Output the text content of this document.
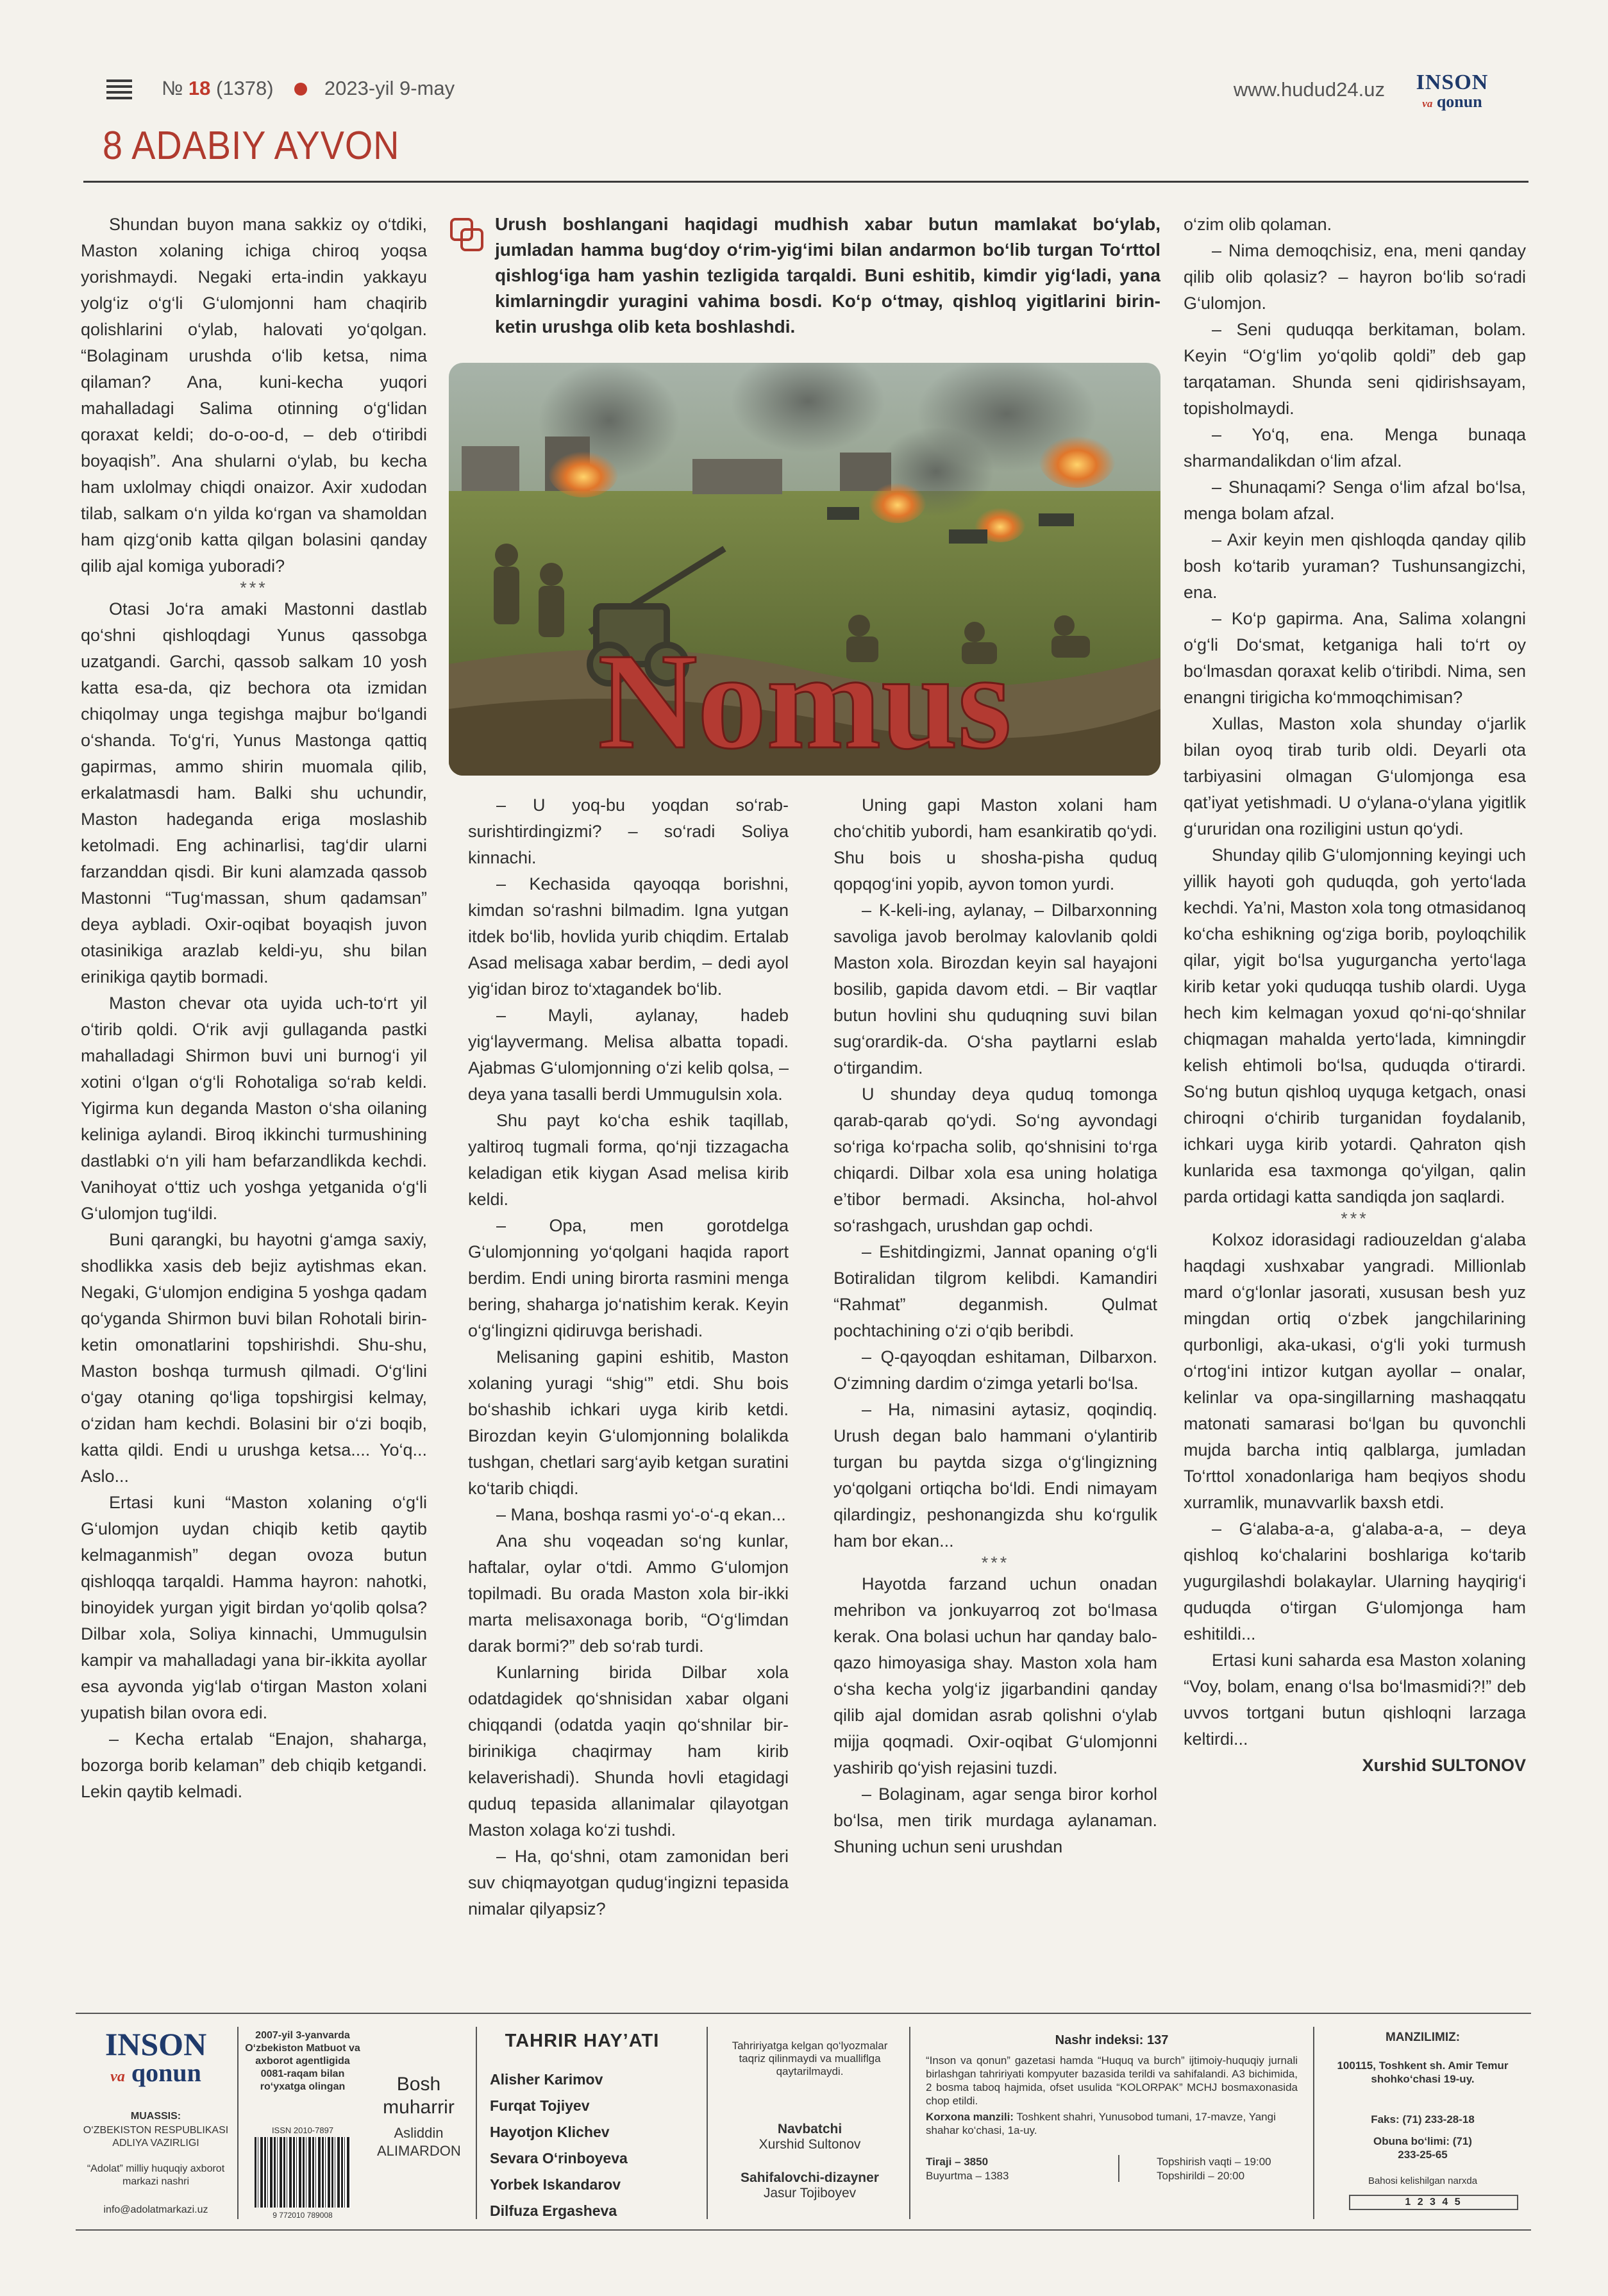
№ 18 (1378)	2023-yil 9-may	www.hudud24.uz INSON
va qonun
8 ADABIY AYVON

Shundan buyon mana sakkiz oy o‘tdiki, Maston xolaning ichiga chiroq yoqsa yorishmaydi. Negaki erta-indin yakkayu yolg‘iz o‘g‘li G‘ulomjonni ham chaqirib qolishlarini o‘ylab, halovati yo‘qolgan. “Bolaginam urushda o‘lib ketsa, nima qilaman? Ana, kuni-kecha yuqori mahalladagi Salima otinning o‘g‘lidan qoraxat keldi; do-o-oo-d, – deb o‘tiribdi boyaqish”. Ana shularni o‘ylab, bu kecha ham uxlolmay chiqdi onaizor. Axir xudodan tilab, salkam o‘n yilda ko‘rgan va shamoldan ham qizg‘onib katta qilgan bolasini qanday qilib ajal komiga yuboradi?

***

Otasi Jo‘ra amaki Mastonni dastlab qo‘shni qishloqdagi Yunus qassobga uzatgandi. Garchi, qassob salkam 10 yosh katta esa-da, qiz bechora ota izmidan chiqolmay unga tegishga majbur bo‘lgandi o‘shanda. To‘g‘ri, Yunus Mastonga qattiq gapirmas, ammo shirin muomala qilib, erkalatmasdi ham. Balki shu uchundir, Maston hadeganda eriga moslashib ketolmadi. Eng achinarlisi, tag‘dir ularni farzanddan qisdi. Bir kuni alamzada qassob Mastonni “Tug‘massan, shum qadamsan” deya aybladi. Oxir-oqibat boyaqish juvon otasinikiga arazlab keldi-yu, shu bilan erinikiga qaytib bormadi.

Maston chevar ota uyida uch-to‘rt yil o‘tirib qoldi. O‘rik avji gullaganda pastki mahalladagi Shirmon buvi uni burnog‘i yil xotini o‘lgan o‘g‘li Rohotaliga so‘rab keldi. Yigirma kun deganda Maston o‘sha oilaning keliniga aylandi. Biroq ikkinchi turmushining dastlabki o‘n yili ham befarzandlikda kechdi. Vanihoyat o‘ttiz uch yoshga yetganida o‘g‘li G‘ulomjon tug‘ildi.

Buni qarangki, bu hayotni g‘amga saxiy, shodlikka xasis deb bejiz aytishmas ekan. Negaki, G‘ulomjon endigina 5 yoshga qadam qo‘yganda Shirmon buvi bilan Rohotali birin-ketin omonatlarini topshirishdi. Shu-shu, Maston boshqa turmush qilmadi. O‘g‘lini o‘gay otaning qo‘liga topshirgisi kelmay, o‘zidan ham kechdi. Bolasini bir o‘zi boqib, katta qildi. Endi u urushga ketsa.... Yo‘q... Aslo...

Ertasi kuni “Maston xolaning o‘g‘li G‘ulomjon uydan chiqib ketib qaytib kelmaganmish” degan ovoza butun qishloqqa tarqaldi. Hamma hayron: nahotki, binoyidek yurgan yigit birdan yo‘qolib qolsa? Dilbar xola, Soliya kinnachi, Ummugulsin kampir va mahalladagi yana bir-ikkita ayollar esa ayvonda yig‘lab o‘tirgan Maston xolani yupatish bilan ovora edi.

– Kecha ertalab “Enajon, shaharga, bozorga borib kelaman” deb chiqib ketgandi. Lekin qaytib kelmadi.

Urush boshlangani haqidagi mudhish xabar butun mamlakat bo‘ylab, jumladan hamma bug‘doy o‘rim-yig‘imi bilan andarmon bo‘lib turgan To‘rttol qishlog‘iga ham yashin tezligida tarqaldi. Buni eshitib, kimdir yig‘ladi, yana kimlarningdir yuragini vahima bosdi. Ko‘p o‘tmay, qishloq yigitlarini birin-ketin urushga olib keta boshlashdi.
Nomus

– U yoq-bu yoqdan so‘rab-surishtirdingizmi? – so‘radi Soliya kinnachi.

– Kechasida qayoqqa borishni, kimdan so‘rashni bilmadim. Igna yutgan itdek bo‘lib, hovlida yurib chiqdim. Ertalab Asad melisaga xabar berdim, – dedi ayol yig‘idan biroz to‘xtagandek bo‘lib.

– Mayli, aylanay, hadeb yig‘layvermang. Melisa albatta topadi. Ajabmas G‘ulomjonning o‘zi kelib qolsa, – deya yana tasalli berdi Ummugulsin xola.

Shu payt ko‘cha eshik taqillab, yaltiroq tugmali forma, qo‘nji tizzagacha keladigan etik kiygan Asad melisa kirib keldi.

– Opa, men gorotdelga G‘ulomjonning yo‘qolgani haqida raport berdim. Endi uning birorta rasmini menga bering, shaharga jo‘natishim kerak. Keyin o‘g‘lingizni qidiruvga berishadi.

Melisaning gapini eshitib, Maston xolaning yuragi “shig‘” etdi. Shu bois bo‘shashib ichkari uyga kirib ketdi. Birozdan keyin G‘ulomjonning bolalikda tushgan, chetlari sarg‘ayib ketgan suratini ko‘tarib chiqdi.

– Mana, boshqa rasmi yo‘-o‘-q ekan...

Ana shu voqeadan so‘ng kunlar, haftalar, oylar o‘tdi. Ammo G‘ulomjon topilmadi. Bu orada Maston xola bir-ikki marta melisaxonaga borib, “O‘g‘limdan darak bormi?” deb so‘rab turdi.

Kunlarning birida Dilbar xola odatdagidek qo‘shnisidan xabar olgani chiqqandi (odatda yaqin qo‘shnilar bir-birinikiga chaqirmay ham kirib kelaverishadi). Shunda hovli etagidagi quduq tepasida allanimalar qilayotgan Maston xolaga ko‘zi tushdi.

– Ha, qo‘shni, otam zamonidan beri suv chiqmayotgan qudug‘ingizni tepasida nimalar qilyapsiz?

Uning gapi Maston xolani ham cho‘chitib yubordi, ham esankiratib qo‘ydi. Shu bois u shosha-pisha quduq qopqog‘ini yopib, ayvon tomon yurdi.

– K-keli-ing, aylanay, – Dilbarxonning savoliga javob berolmay kalovlanib qoldi Maston xola. Birozdan keyin sal hayajoni bosilib, gapida davom etdi. – Bir vaqtlar butun hovlini shu quduqning suvi bilan sug‘orardik-da. O‘sha paytlarni eslab o‘tirgandim.

U shunday deya quduq tomonga qarab-qarab qo‘ydi. So‘ng ayvondagi so‘riga ko‘rpacha solib, qo‘shnisini to‘rga chiqardi. Dilbar xola esa uning holatiga e’tibor bermadi. Aksincha, hol-ahvol so‘rashgach, urushdan gap ochdi.

– Eshitdingizmi, Jannat opaning o‘g‘li Botiralidan tilgrom kelibdi. Kamandiri “Rahmat” deganmish. Qulmat pochtachining o‘zi o‘qib beribdi.

– Q-qayoqdan eshitaman, Dilbarxon. O‘zimning dardim o‘zimga yetarli bo‘lsa.

– Ha, nimasini aytasiz, qoqindiq. Urush degan balo hammani o‘ylantirib turgan bu paytda sizga o‘g‘lingizning yo‘qolgani ortiqcha bo‘ldi. Endi nimayam qilardingiz, peshonangizda shu ko‘rgulik ham bor ekan...

***

Hayotda farzand uchun onadan mehribon va jonkuyarroq zot bo‘lmasa kerak. Ona bolasi uchun har qanday balo-qazo himoyasiga shay. Maston xola ham o‘sha kecha yolg‘iz jigarbandini qanday qilib ajal domidan asrab qolishni o‘ylab mijja qoqmadi. Oxir-oqibat G‘ulomjonni yashirib qo‘yish rejasini tuzdi.

– Bolaginam, agar senga biror korhol bo‘lsa, men tirik murdaga aylanaman. Shuning uchun seni urushdan

o‘zim olib qolaman.

– Nima demoqchisiz, ena, meni qanday qilib olib qolasiz? – hayron bo‘lib so‘radi G‘ulomjon.

– Seni quduqqa berkitaman, bolam. Keyin “O‘g‘lim yo‘qolib qoldi” deb gap tarqataman. Shunda seni qidirishsayam, topisholmaydi.

– Yo‘q, ena. Menga bunaqa sharmandalikdan o‘lim afzal.

– Shunaqami? Senga o‘lim afzal bo‘lsa, menga bolam afzal.

– Axir keyin men qishloqda qanday qilib bosh ko‘tarib yuraman? Tushunsangizchi, ena.

– Ko‘p gapirma. Ana, Salima xolangni o‘g‘li Do‘smat, ketganiga hali to‘rt oy bo‘lmasdan qoraxat kelib o‘tiribdi. Nima, sen enangni tirigicha ko‘mmoqchimisan?

Xullas, Maston xola shunday o‘jarlik bilan oyoq tirab turib oldi. Deyarli ota tarbiyasini olmagan G‘ulomjonga esa qat’iyat yetishmadi. U o‘ylana-o‘ylana yigitlik g‘ururidan ona roziligini ustun qo‘ydi.

Shunday qilib G‘ulomjonning keyingi uch yillik hayoti goh quduqda, goh yerto‘lada kechdi. Ya’ni, Maston xola tong otmasidanoq ko‘cha eshikning og‘ziga borib, poyloqchilik qilar, yigit bo‘lsa yugurgancha yerto‘laga kirib ketar yoki quduqqa tushib olardi. Uyga hech kim kelmagan yoxud qo‘ni-qo‘shnilar chiqmagan mahalda yerto‘lada, kimningdir kelish ehtimoli bo‘lsa, quduqda o‘tirardi. So‘ng butun qishloq uyquga ketgach, onasi chiroqni o‘chirib turganidan foydalanib, ichkari uyga kirib yotardi. Qahraton qish kunlarida esa taxmonga qo‘yilgan, qalin parda ortidagi katta sandiqda jon saqlardi.

***

Kolxoz idorasidagi radiouzeldan g‘alaba haqdagi xushxabar yangradi. Millionlab mard o‘g‘lonlar jasorati, xususan besh yuz mingdan ortiq o‘zbek jangchilarining qurbonligi, aka-ukasi, o‘g‘li yoki turmush o‘rtog‘ini intizor kutgan ayollar – onalar, kelinlar va opa-singillarning mashaqqatu matonati samarasi bo‘lgan bu quvonchli mujda barcha intiq qalblarga, jumladan To‘rttol xonadonlariga ham beqiyos shodu xurramlik, munavvarlik baxsh etdi.

– G‘alaba-a-a, g‘alaba-a-a, – deya qishloq ko‘chalarini boshlariga ko‘tarib yugurgilashdi bolakaylar. Ularning hayqirig‘i quduqda o‘tirgan G‘ulomjonga ham eshitildi...

Ertasi kuni saharda esa Maston xolaning “Voy, bolam, enang o‘lsa bo‘lmasmidi?!” deb uvvos tortgani butun qishloqni larzaga keltirdi...

Xurshid SULTONOV

INSON
va qonun
MUASSIS:
O‘ZBEKISTON RESPUBLIKASI ADLIYA VAZIRLIGI
“Adolat” milliy huquqiy axborot markazi nashri
info@adolatmarkazi.uz
2007-yil 3-yanvarda O‘zbekiston Matbuot va axborot agentligida 0081-raqam bilan ro‘yxatga olingan
ISSN 2010-7897
9 772010 789008
Bosh muharrir
Asliddin ALIMARDON
TAHRIR HAY’ATI
Alisher Karimov
Furqat Tojiyev
Hayotjon Klichev
Sevara O‘rinboyeva
Yorbek Iskandarov
Dilfuza Ergasheva
Tahririyatga kelgan qo‘lyozmalar taqriz qilinmaydi va mualliflga qaytarilmaydi.
Navbatchi
Xurshid Sultonov
Sahifalovchi-dizayner
Jasur Tojiboyev
Nashr indeksi: 137
“Inson va qonun” gazetasi hamda “Huquq va burch” ijtimoiy-huquqiy jurnali birlashgan tahririyati kompyuter bazasida terildi va sahifalandi. A3 bichimida, 2 bosma taboq hajmida, ofset usulida “KOLORPAK” MCHJ bosmaxonasida chop etildi.
Korxona manzili: Toshkent shahri, Yunusobod tumani, 17-mavze, Yangi shahar ko‘chasi, 1a-uy.
Tiraji – 3850
Buyurtma – 1383
Topshirish vaqti – 19:00
Topshirildi – 20:00
MANZILIMIZ:
100115, Toshkent sh. Amir Temur shohko‘chasi 19-uy.
Faks: (71) 233-28-18
Obuna bo‘limi: (71) 233-25-65
Bahosi kelishilgan narxda
1 2 3 4 5
